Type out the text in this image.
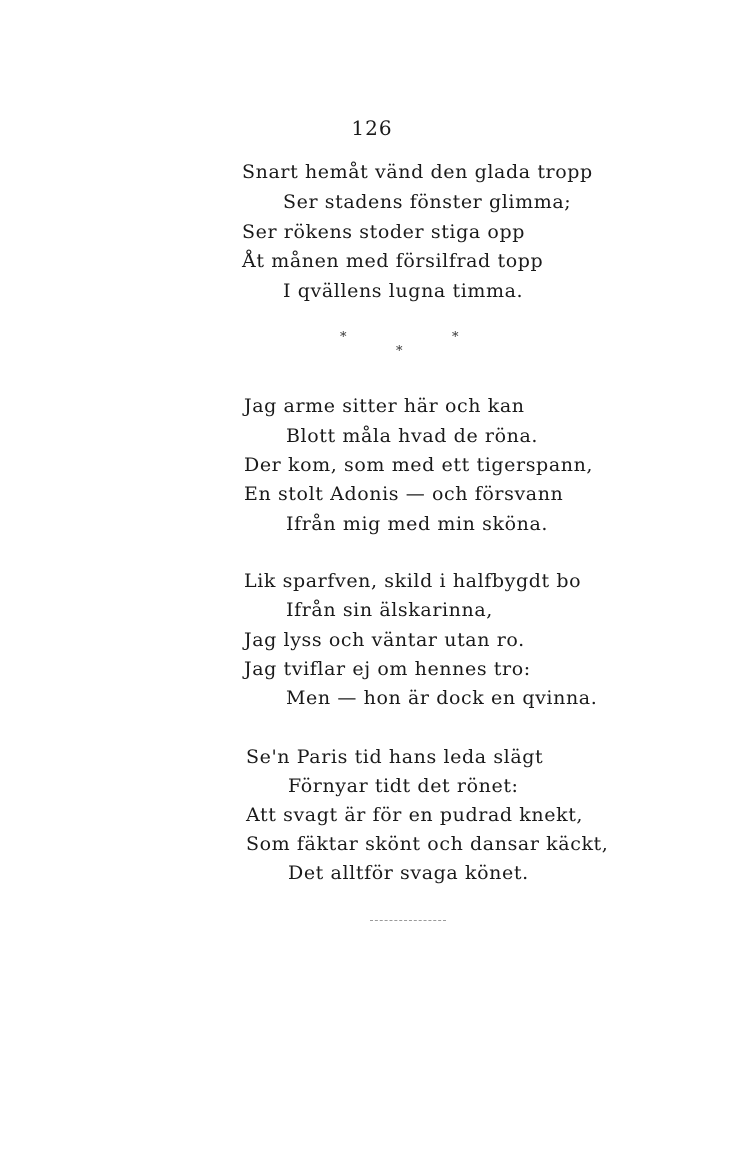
126
Snart hemåt vänd den glada tropp
Ser stadens fönster glimma;
Ser rökens stoder stiga opp
Åt månen med försilfrad topp
I qvällens lugna timma.
*	*
*
Jag arme sitter här och kan
Blott måla hvad de röna.
Der kom, som med ett tigerspann,
En stolt Adonis — och försvann
Ifrån mig med min sköna.
Lik sparfven, skild i halfbygdt bo
Ifrån sin älskarinna,
Jag lyss och väntar utan ro.
Jag tviflar ej om hennes tro:
Men — hon är dock en qvinna.
Se'n Paris tid hans leda slägt
Förnyar tidt det rönet:
Att svagt är för en pudrad knekt,
Som fäktar skönt och dansar käckt,
Det alltför svaga könet.
